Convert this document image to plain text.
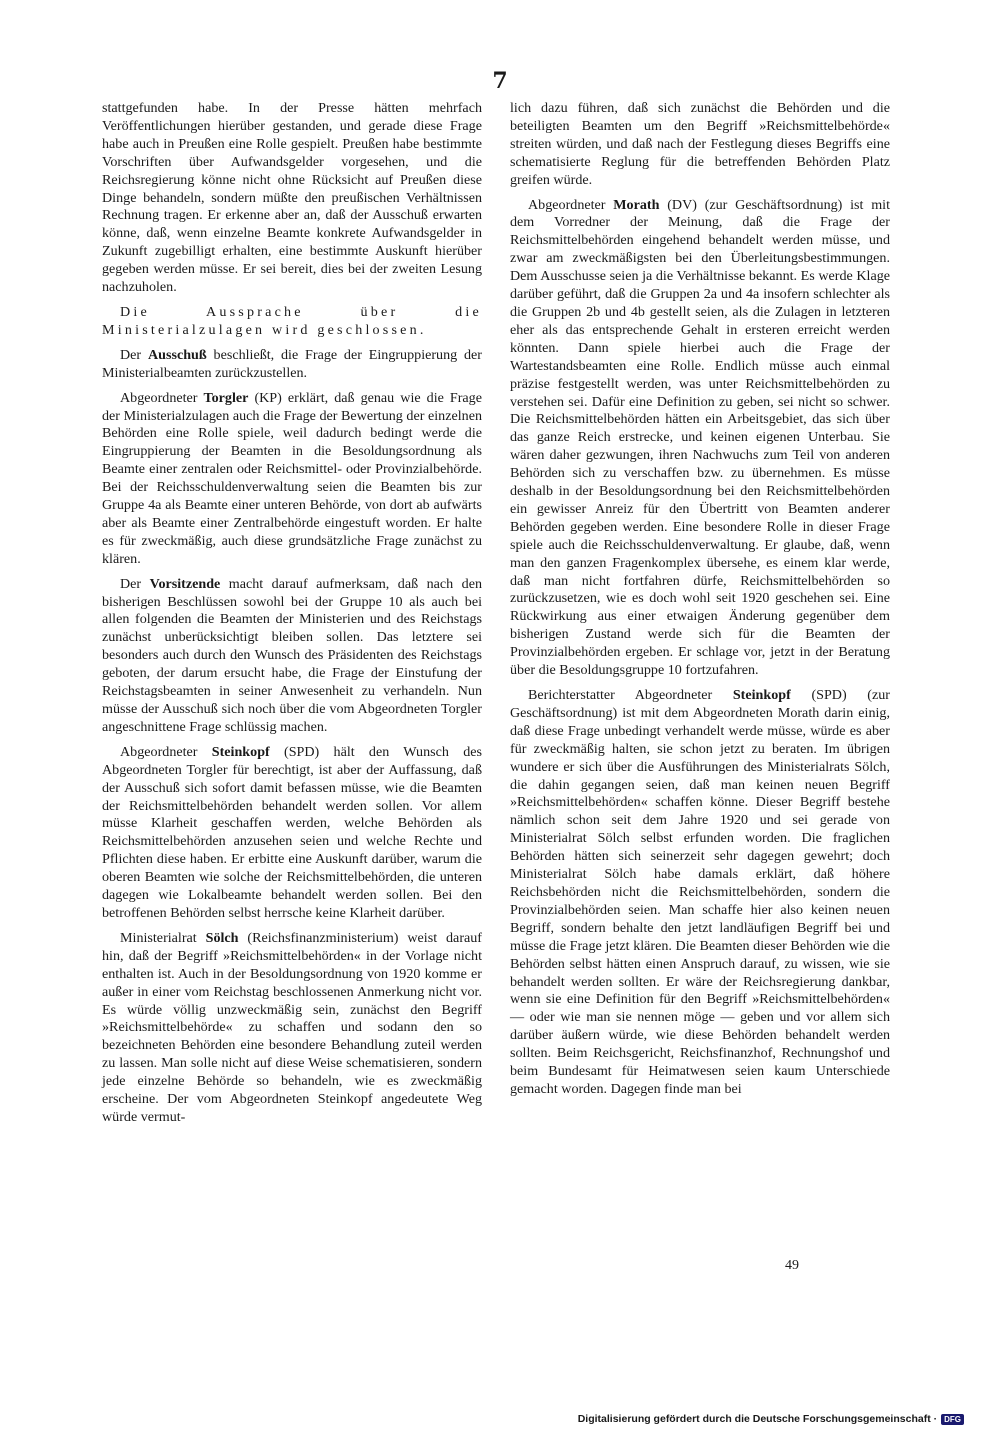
7

stattgefunden habe. In der Presse hätten mehrfach Veröffentlichungen hierüber gestanden, und gerade diese Frage habe auch in Preußen eine Rolle gespielt. Preußen habe bestimmte Vorschriften über Aufwandsgelder vorgesehen, und die Reichsregierung könne nicht ohne Rücksicht auf Preußen diese Dinge behandeln, sondern müßte den preußischen Verhältnissen Rechnung tragen. Er erkenne aber an, daß der Ausschuß erwarten könne, daß, wenn einzelne Beamte konkrete Aufwandsgelder in Zukunft zugebilligt erhalten, eine bestimmte Auskunft hierüber gegeben werden müsse. Er sei bereit, dies bei der zweiten Lesung nachzuholen.

Die Aussprache über die Ministerialzulagen wird geschlossen.

Der Ausschuß beschließt, die Frage der Eingruppierung der Ministerialbeamten zurückzustellen.

Abgeordneter Torgler (KP) erklärt, daß genau wie die Frage der Ministerialzulagen auch die Frage der Bewertung der einzelnen Behörden eine Rolle spiele, weil dadurch bedingt werde die Eingruppierung der Beamten in die Besoldungsordnung als Beamte einer zentralen oder Reichsmittel- oder Provinzialbehörde. Bei der Reichsschuldenverwaltung seien die Beamten bis zur Gruppe 4a als Beamte einer unteren Behörde, von dort ab aufwärts aber als Beamte einer Zentralbehörde eingestuft worden. Er halte es für zweckmäßig, auch diese grundsätzliche Frage zunächst zu klären.

Der Vorsitzende macht darauf aufmerksam, daß nach den bisherigen Beschlüssen sowohl bei der Gruppe 10 als auch bei allen folgenden die Beamten der Ministerien und des Reichstags zunächst unberücksichtigt bleiben sollen. Das letztere sei besonders auch durch den Wunsch des Präsidenten des Reichstags geboten, der darum ersucht habe, die Frage der Einstufung der Reichstagsbeamten in seiner Anwesenheit zu verhandeln. Nun müsse der Ausschuß sich noch über die vom Abgeordneten Torgler angeschnittene Frage schlüssig machen.

Abgeordneter Steinkopf (SPD) hält den Wunsch des Abgeordneten Torgler für berechtigt, ist aber der Auffassung, daß der Ausschuß sich sofort damit befassen müsse, wie die Beamten der Reichsmittelbehörden behandelt werden sollen. Vor allem müsse Klarheit geschaffen werden, welche Behörden als Reichsmittelbehörden anzusehen seien und welche Rechte und Pflichten diese haben. Er erbitte eine Auskunft darüber, warum die oberen Beamten wie solche der Reichsmittelbehörden, die unteren dagegen wie Lokalbeamte behandelt werden sollen. Bei den betroffenen Behörden selbst herrsche keine Klarheit darüber.

Ministerialrat Sölch (Reichsfinanzministerium) weist darauf hin, daß der Begriff »Reichsmittelbehörden« in der Vorlage nicht enthalten ist. Auch in der Besoldungsordnung von 1920 komme er außer in einer vom Reichstag beschlossenen Anmerkung nicht vor. Es würde völlig unzweckmäßig sein, zunächst den Begriff »Reichsmittelbehörde« zu schaffen und sodann den so bezeichneten Behörden eine besondere Behandlung zuteil werden zu lassen. Man solle nicht auf diese Weise schematisieren, sondern jede einzelne Behörde so behandeln, wie es zweckmäßig erscheine. Der vom Abgeordneten Steinkopf angedeutete Weg würde vermut-

lich dazu führen, daß sich zunächst die Behörden und die beteiligten Beamten um den Begriff »Reichsmittelbehörde« streiten würden, und daß nach der Festlegung dieses Begriffs eine schematisierte Reglung für die betreffenden Behörden Platz greifen würde.

Abgeordneter Morath (DV) (zur Geschäftsordnung) ist mit dem Vorredner der Meinung, daß die Frage der Reichsmittelbehörden eingehend behandelt werden müsse, und zwar am zweckmäßigsten bei den Überleitungsbestimmungen. Dem Ausschusse seien ja die Verhältnisse bekannt. Es werde Klage darüber geführt, daß die Gruppen 2a und 4a insofern schlechter als die Gruppen 2b und 4b gestellt seien, als die Zulagen in letzteren eher als das entsprechende Gehalt in ersteren erreicht werden könnten. Dann spiele hierbei auch die Frage der Wartestandsbeamten eine Rolle. Endlich müsse auch einmal präzise festgestellt werden, was unter Reichsmittelbehörden zu verstehen sei. Dafür eine Definition zu geben, sei nicht so schwer. Die Reichsmittelbehörden hätten ein Arbeitsgebiet, das sich über das ganze Reich erstrecke, und keinen eigenen Unterbau. Sie wären daher gezwungen, ihren Nachwuchs zum Teil von anderen Behörden sich zu verschaffen bzw. zu übernehmen. Es müsse deshalb in der Besoldungsordnung bei den Reichsmittelbehörden ein gewisser Anreiz für den Übertritt von Beamten anderer Behörden gegeben werden. Eine besondere Rolle in dieser Frage spiele auch die Reichsschuldenverwaltung. Er glaube, daß, wenn man den ganzen Fragenkomplex übersehe, es einem klar werde, daß man nicht fortfahren dürfe, Reichsmittelbehörden so zurückzusetzen, wie es doch wohl seit 1920 geschehen sei. Eine Rückwirkung aus einer etwaigen Änderung gegenüber dem bisherigen Zustand werde sich für die Beamten der Provinzialbehörden ergeben. Er schlage vor, jetzt in der Beratung über die Besoldungsgruppe 10 fortzufahren.

Berichterstatter Abgeordneter Steinkopf (SPD) (zur Geschäftsordnung) ist mit dem Abgeordneten Morath darin einig, daß diese Frage unbedingt verhandelt werde müsse, würde es aber für zweckmäßig halten, sie schon jetzt zu beraten. Im übrigen wundere er sich über die Ausführungen des Ministerialrats Sölch, die dahin gegangen seien, daß man keinen neuen Begriff »Reichsmittelbehörden« schaffen könne. Dieser Begriff bestehe nämlich schon seit dem Jahre 1920 und sei gerade von Ministerialrat Sölch selbst erfunden worden. Die fraglichen Behörden hätten sich seinerzeit sehr dagegen gewehrt; doch Ministerialrat Sölch habe damals erklärt, daß höhere Reichsbehörden nicht die Reichsmittelbehörden, sondern die Provinzialbehörden seien. Man schaffe hier also keinen neuen Begriff, sondern behalte den jetzt landläufigen Begriff bei und müsse die Frage jetzt klären. Die Beamten dieser Behörden wie die Behörden selbst hätten einen Anspruch darauf, zu wissen, wie sie behandelt werden sollten. Er wäre der Reichsregierung dankbar, wenn sie eine Definition für den Begriff »Reichsmittelbehörden« — oder wie man sie nennen möge — geben und vor allem sich darüber äußern würde, wie diese Behörden behandelt werden sollten. Beim Reichsgericht, Reichsfinanzhof, Rechnungshof und beim Bundesamt für Heimatwesen seien kaum Unterschiede gemacht worden. Dagegen finde man bei

49
Digitalisierung gefördert durch die Deutsche Forschungsgemeinschaft · DFG
